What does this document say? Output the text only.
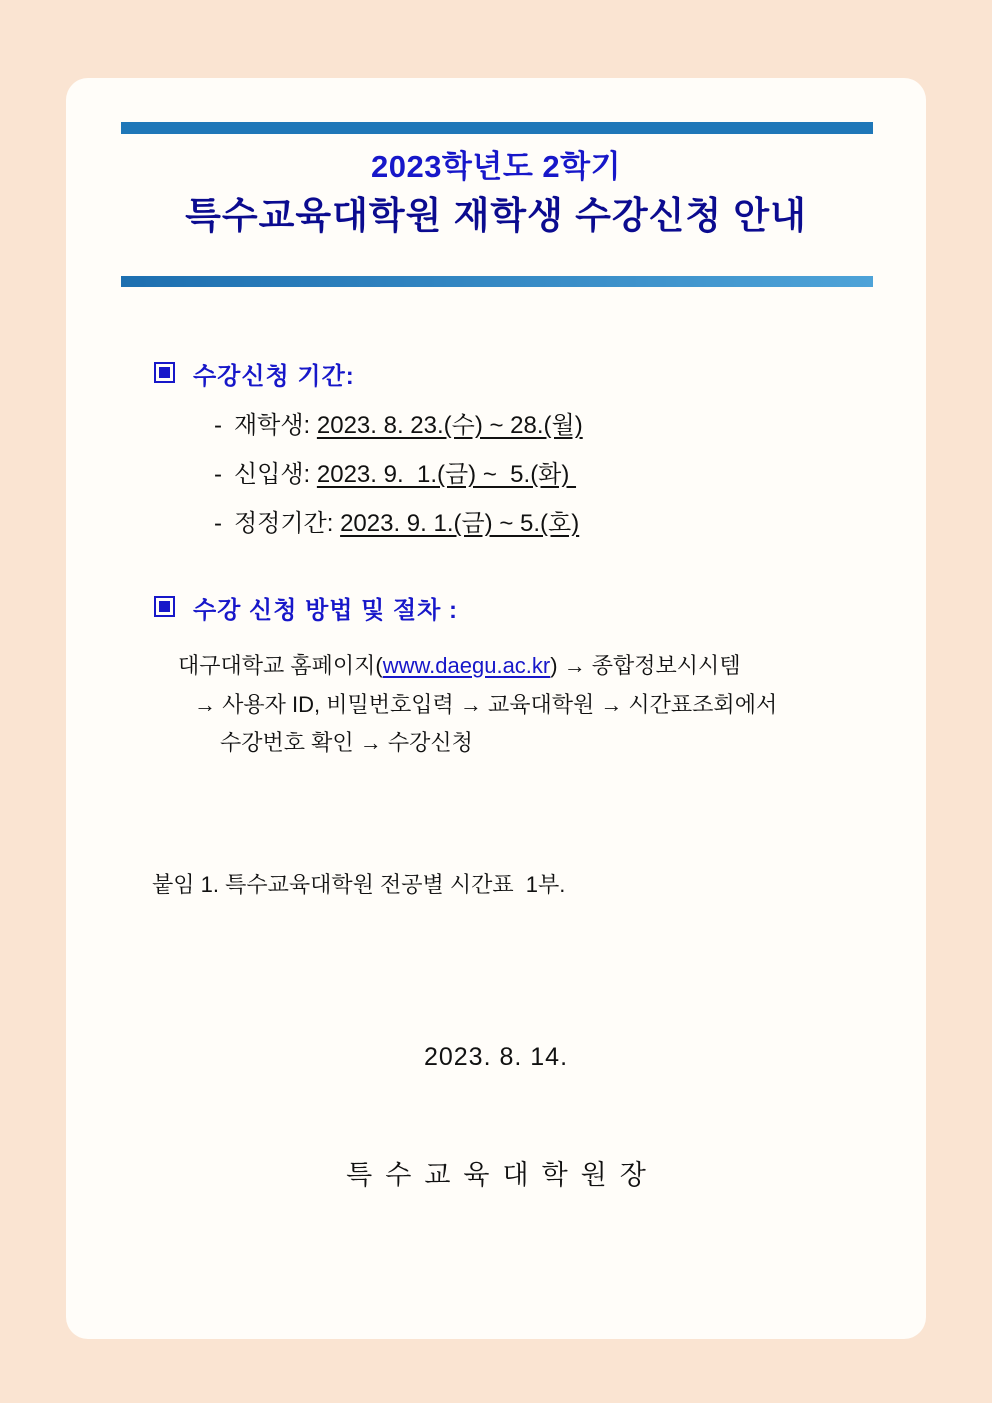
2023학년도 2학기
특수교육대학원 재학생 수강신청 안내
수강신청 기간:
- 재학생: 2023. 8. 23.(수) ~ 28.(월)
- 신입생: 2023. 9.  1.(금) ~  5.(화)
- 정정기간: 2023. 9. 1.(금) ~ 5.(호)
수강 신청 방법 및 절차 :
대구대학교 홈페이지(www.daegu.ac.kr) → 종합정보시시템
→ 사용자 ID, 비밀번호입력 → 교육대학원 → 시간표조회에서
수강번호 확인 → 수강신청
붙임 1. 특수교육대학원 전공별 시간표  1부.
2023. 8. 14.
특수교육대학원장
